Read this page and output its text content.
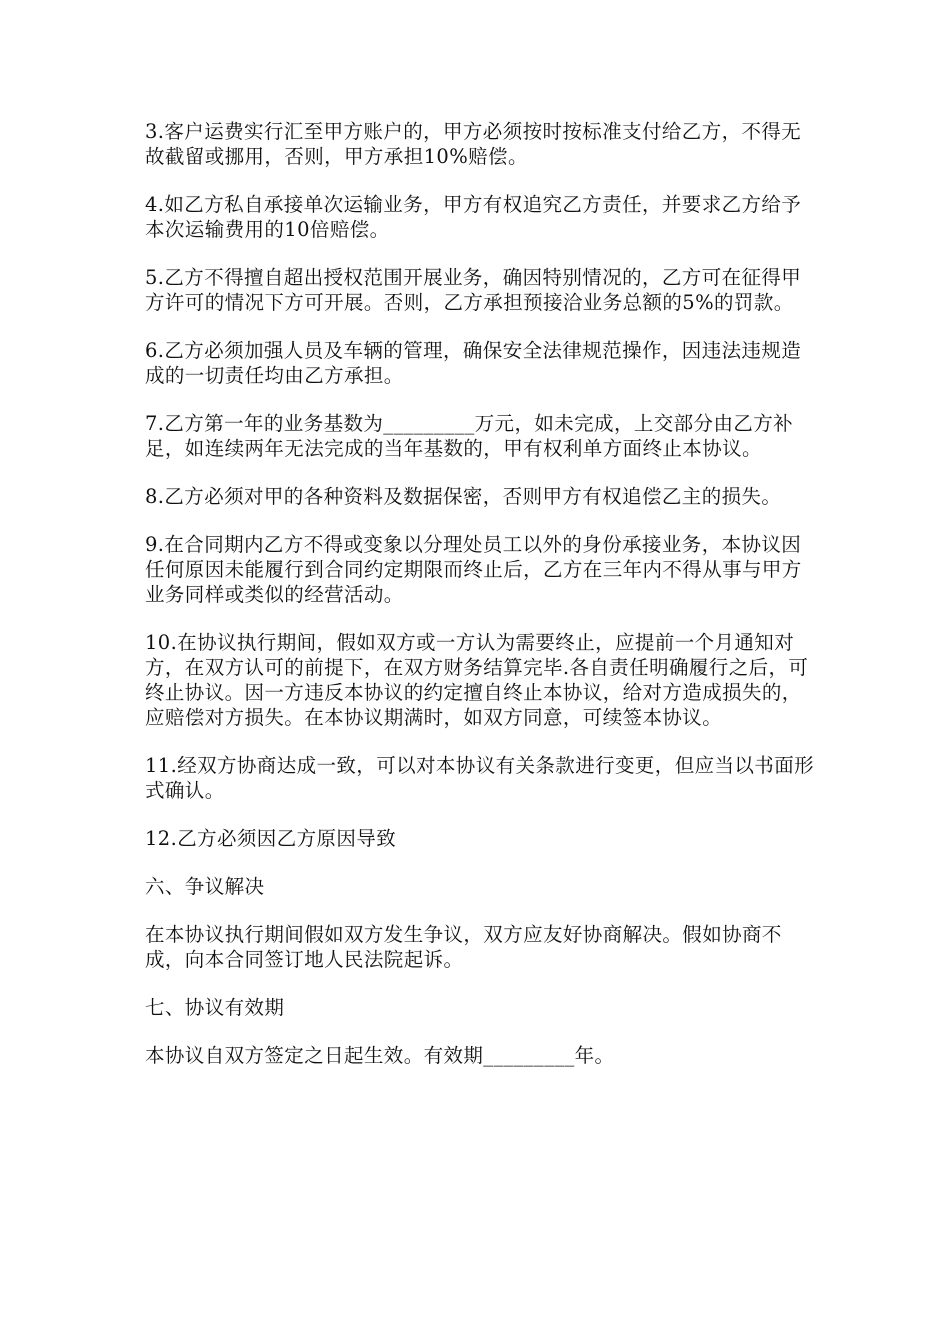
3.客户运费实行汇至甲方账户的，甲方必须按时按标准支付给乙方，不得无故截留或挪用，否则，甲方承担10%赔偿。

4.如乙方私自承接单次运输业务，甲方有权追究乙方责任，并要求乙方给予本次运输费用的10倍赔偿。

5.乙方不得擅自超出授权范围开展业务，确因特别情况的，乙方可在征得甲方许可的情况下方可开展。否则，乙方承担预接洽业务总额的5%的罚款。

6.乙方必须加强人员及车辆的管理，确保安全法律规范操作，因违法违规造成的一切责任均由乙方承担。

7.乙方第一年的业务基数为_________万元，如未完成，上交部分由乙方补足，如连续两年无法完成的当年基数的，甲有权利单方面终止本协议。

8.乙方必须对甲的各种资料及数据保密，否则甲方有权追偿乙主的损失。

9.在合同期内乙方不得或变象以分理处员工以外的身份承接业务，本协议因任何原因未能履行到合同约定期限而终止后，乙方在三年内不得从事与甲方业务同样或类似的经营活动。

10.在协议执行期间，假如双方或一方认为需要终止，应提前一个月通知对方，在双方认可的前提下，在双方财务结算完毕.各自责任明确履行之后，可终止协议。因一方违反本协议的约定擅自终止本协议，给对方造成损失的，应赔偿对方损失。在本协议期满时，如双方同意，可续签本协议。

11.经双方协商达成一致，可以对本协议有关条款进行变更，但应当以书面形式确认。

12.乙方必须因乙方原因导致

六、争议解决

在本协议执行期间假如双方发生争议，双方应友好协商解决。假如协商不成，向本合同签订地人民法院起诉。

七、协议有效期

本协议自双方签定之日起生效。有效期_________年。
